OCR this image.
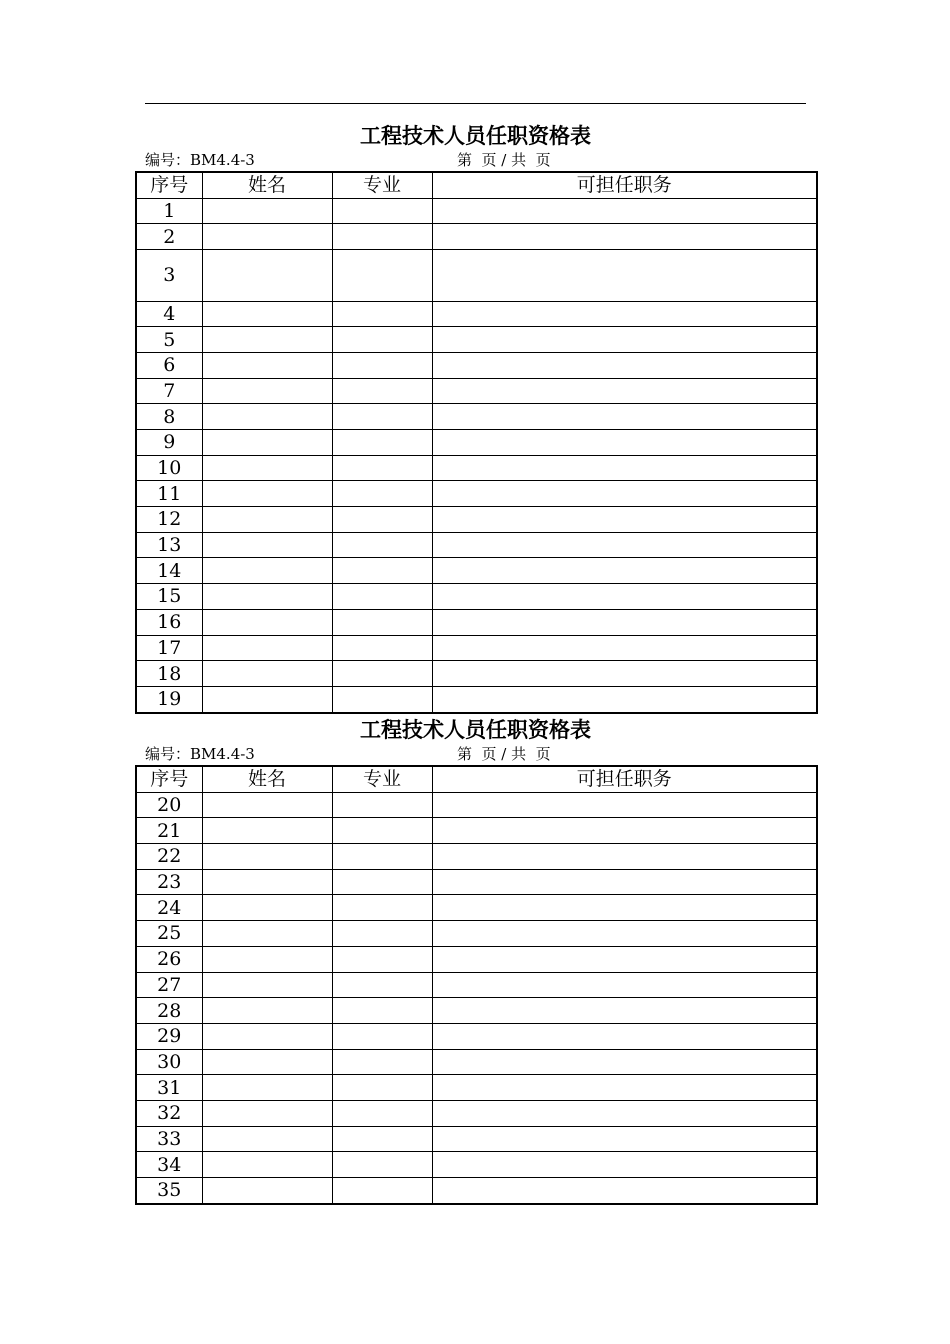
工程技术人员任职资格表
编号：BM4.4-3	第  页 / 共  页
序号	姓名	专业	可担任职务
1			
2			
3			
4			
5			
6			
7			
8			
9			
10			
11			
12			
13			
14			
15			
16			
17			
18			
19			
工程技术人员任职资格表
编号：BM4.4-3	第  页 / 共  页
序号	姓名	专业	可担任职务
20			
21			
22			
23			
24			
25			
26			
27			
28			
29			
30			
31			
32			
33			
34			
35			
